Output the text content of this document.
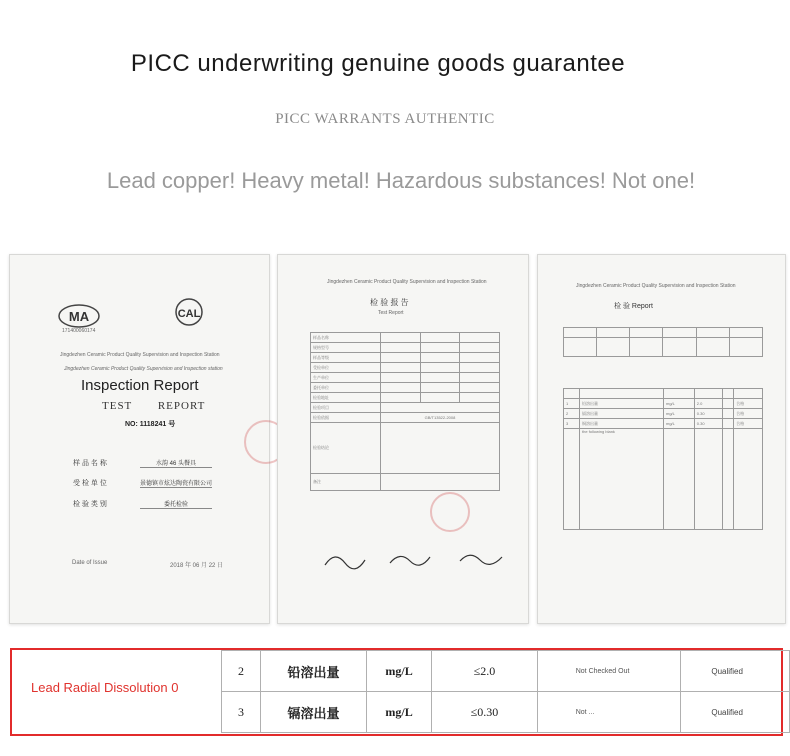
PICC underwriting genuine goods guarantee
PICC WARRANTS AUTHENTIC
Lead copper! Heavy metal! Hazardous substances! Not one!
MA
171400060174
CAL
Jingdezhen Ceramic Product Quality Supervision and Inspection Station
Jingdezhen Ceramic Product Quality Supervision and Inspection station
Inspection Report
TEST REPORT
NO: 1118241 号
样 品 名 称	水韵 46 头餐具
受 检 单 位	景德镇市炫达陶瓷有限公司
检 验 类 别	委托检验
Date of Issue	2018 年 06 月 22 日
Jingdezhen Ceramic Product Quality Supervision and Inspection Station
检 验 报 告
Test Report
样品名称			
规格型号			
样品等级			
受检单位			
生产单位			
委托单位			
检验地址			
检验项目			
检验依据	GB/T13522-2008		
检验结论			
备注			
Jingdezhen Ceramic Product Quality Supervision and Inspection Station
检 验 Report

1	铅溶出量	mg/L	2.0		合格
2	镉溶出量	mg/L	0.30		合格
3	铜溶出量	mg/L	0.30		合格
	the following blank				
Lead Radial Dissolution 0
2	铅溶出量	mg/L	≤2.0	Not Checked Out	Qualified
3	镉溶出量	mg/L	≤0.30	Not ...	Qualified
